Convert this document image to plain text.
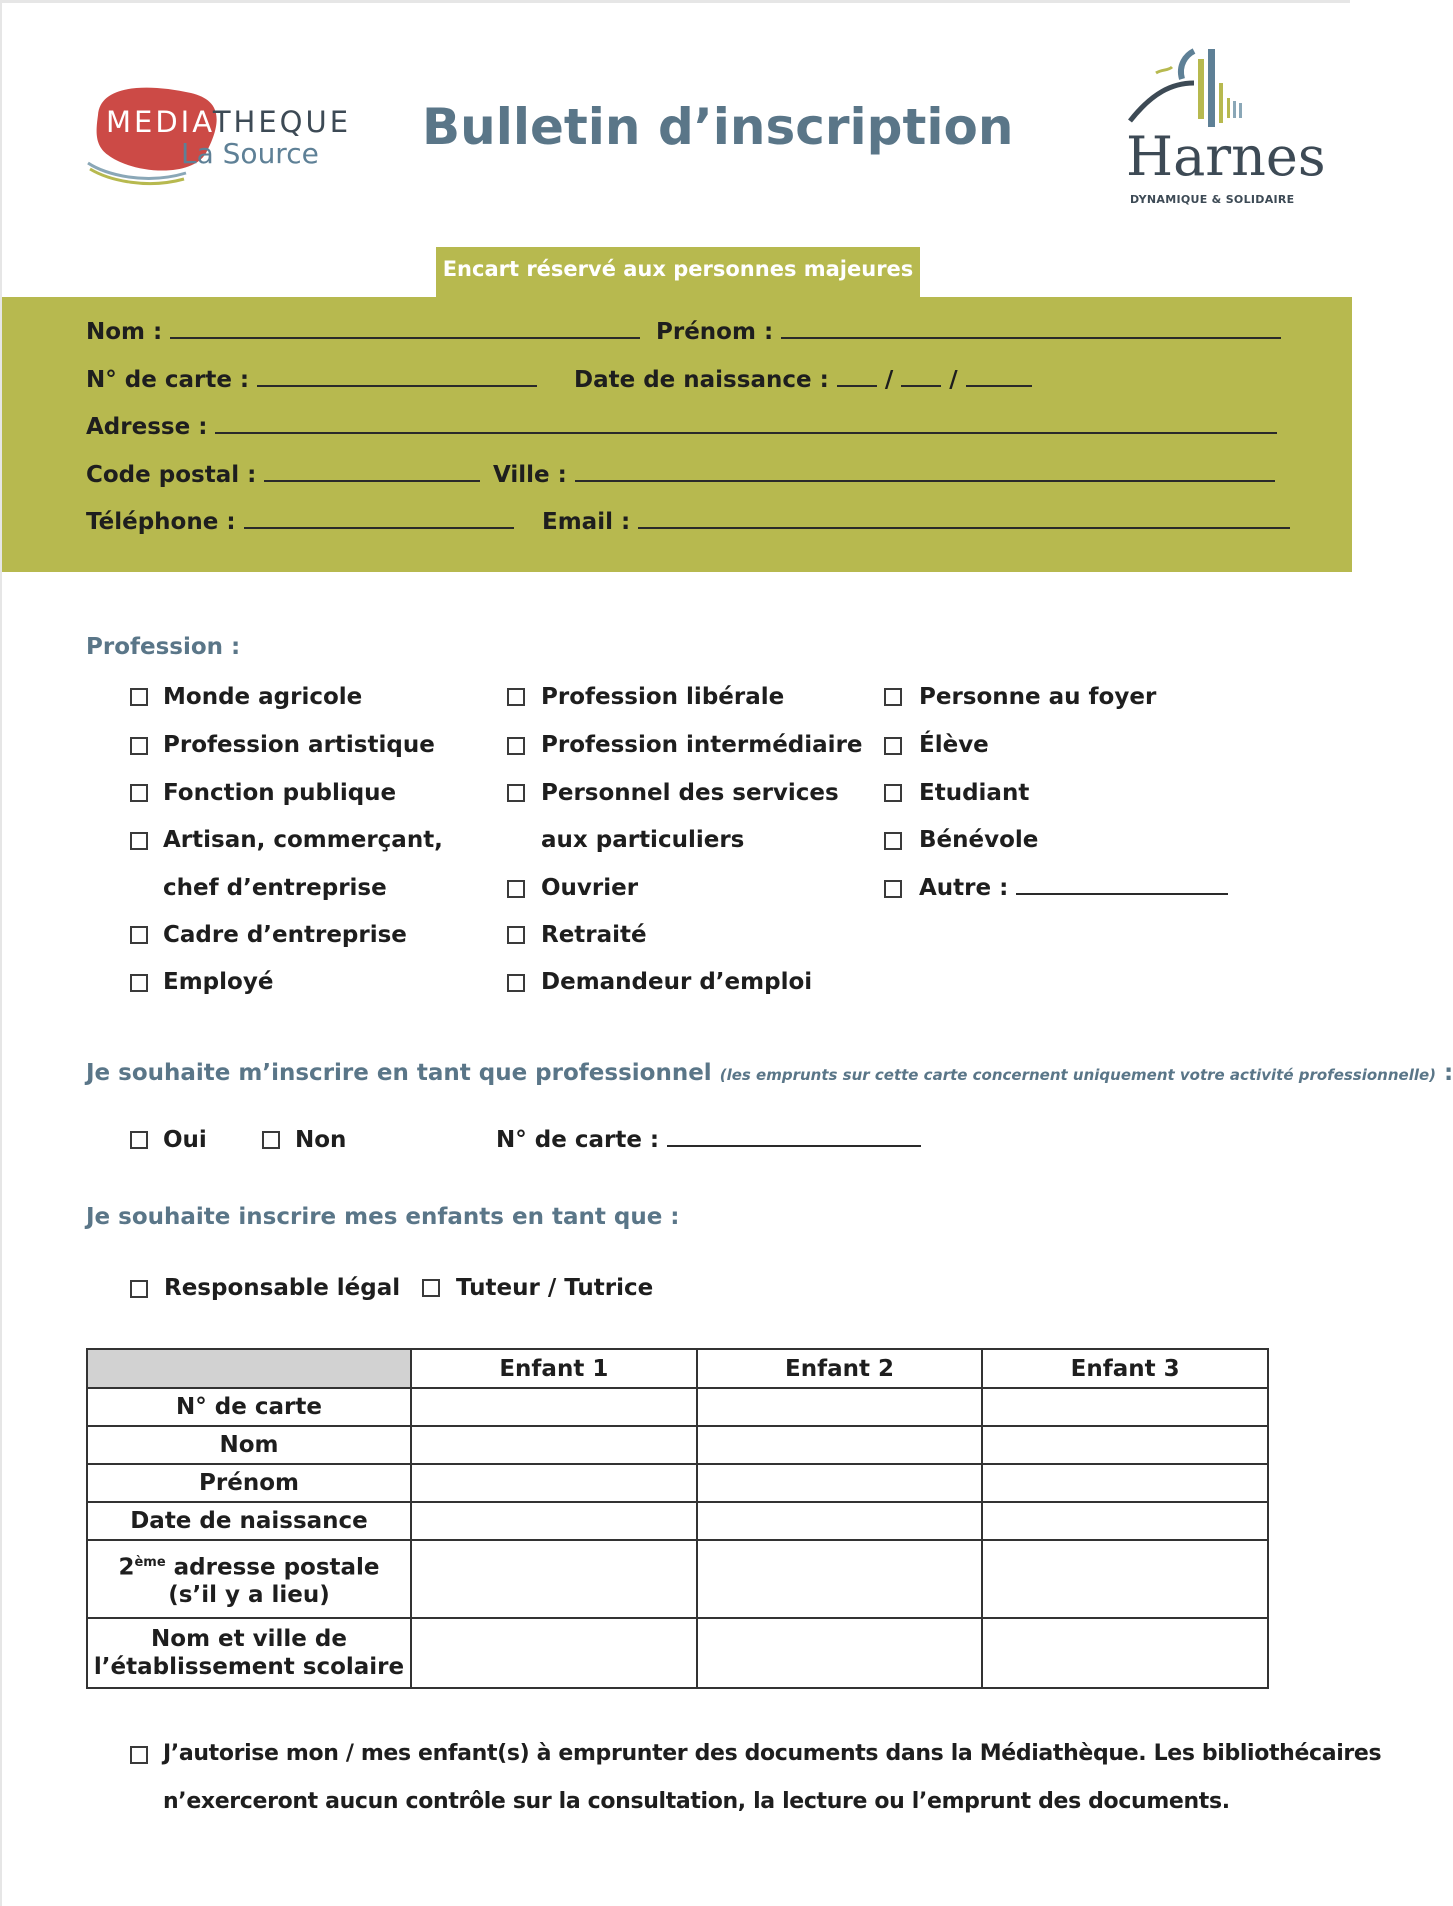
MEDIATHEQUE
La Source Bulletin d’inscription Harnes
DYNAMIQUE & SOLIDAIRE
Encart réservé aux personnes majeures
Nom :	Prénom :
N° de carte :	Date de naissance : / /
Adresse :
Code postal :	Ville :
Téléphone :	Email :
Profession :
Monde agricole
Profession artistique
Fonction publique
Artisan, commerçant,
chef d’entreprise
Cadre d’entreprise
Employé
Profession libérale
Profession intermédiaire
Personnel des services
aux particuliers
Ouvrier
Retraité
Demandeur d’emploi
Personne au foyer
Élève
Etudiant
Bénévole
Autre :
Je souhaite m’inscrire en tant que professionnel (les emprunts sur cette carte concernent uniquement votre activité professionnelle) :
Oui	Non	N° de carte :
Je souhaite inscrire mes enfants en tant que :
Responsable légal Tuteur / Tutrice
	Enfant 1	Enfant 2	Enfant 3
N° de carte			
Nom			
Prénom			
Date de naissance			
2ème adresse postale
(s’il y a lieu)			
Nom et ville de
l’établissement scolaire			
J’autorise mon / mes enfant(s) à emprunter des documents dans la Médiathèque. Les bibliothécaires
n’exerceront aucun contrôle sur la consultation, la lecture ou l’emprunt des documents.
